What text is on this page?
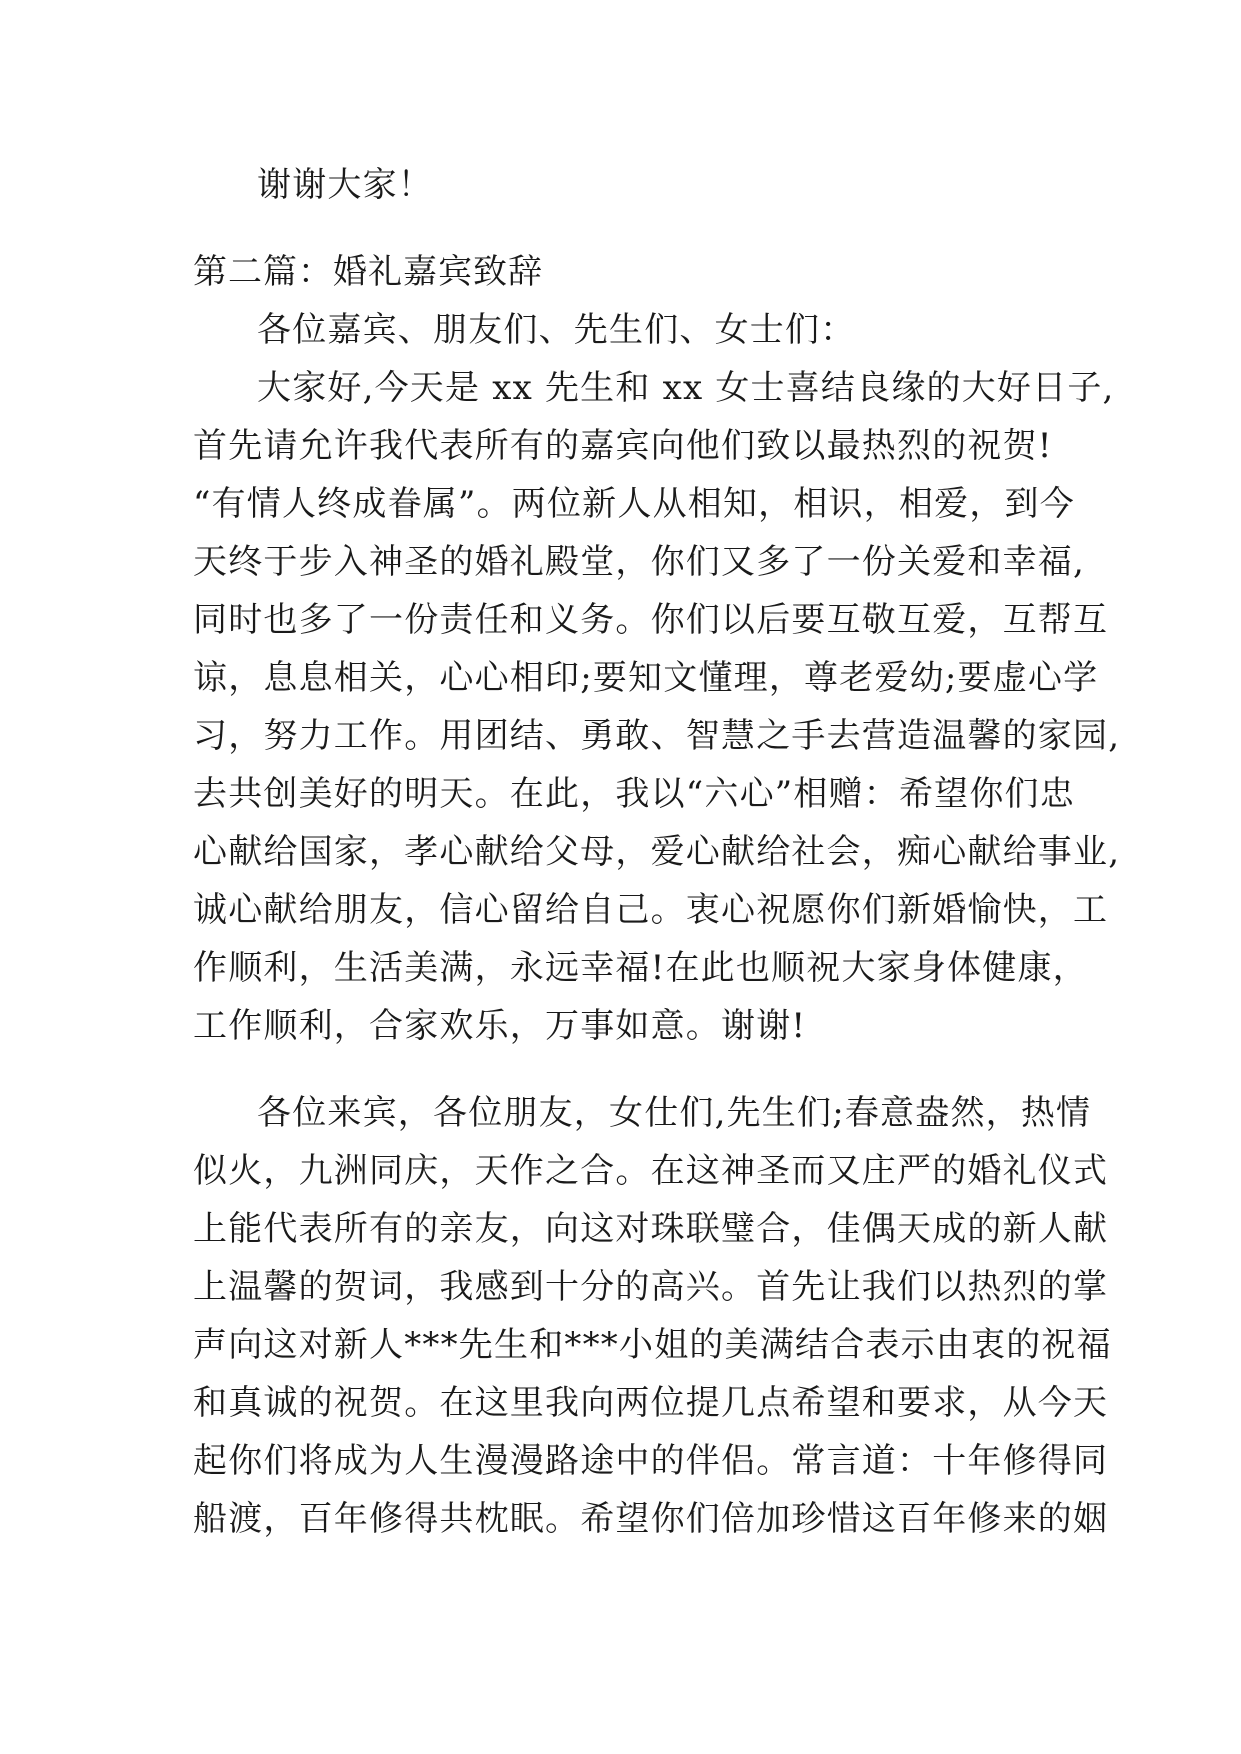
谢谢大家！
第二篇：婚礼嘉宾致辞
各位嘉宾、朋友们、先生们、女士们：
大家好,今天是 xx 先生和 xx 女士喜结良缘的大好日子,
首先请允许我代表所有的嘉宾向他们致以最热烈的祝贺!
“有情人终成眷属”。两位新人从相知，相识，相爱，到今
天终于步入神圣的婚礼殿堂，你们又多了一份关爱和幸福,
同时也多了一份责任和义务。你们以后要互敬互爱，互帮互
谅，息息相关，心心相印;要知文懂理，尊老爱幼;要虚心学
习，努力工作。用团结、勇敢、智慧之手去营造温馨的家园,
去共创美好的明天。在此，我以“六心”相赠：希望你们忠
心献给国家，孝心献给父母，爱心献给社会，痴心献给事业,
诚心献给朋友，信心留给自己。衷心祝愿你们新婚愉快，工
作顺利，生活美满，永远幸福!在此也顺祝大家身体健康，
工作顺利，合家欢乐，万事如意。谢谢!
各位来宾，各位朋友，女仕们,先生们;春意盎然，热情
似火，九洲同庆，天作之合。在这神圣而又庄严的婚礼仪式
上能代表所有的亲友，向这对珠联璧合，佳偶天成的新人献
上温馨的贺词，我感到十分的高兴。首先让我们以热烈的掌
声向这对新人***先生和***小姐的美满结合表示由衷的祝福
和真诚的祝贺。在这里我向两位提几点希望和要求，从今天
起你们将成为人生漫漫路途中的伴侣。常言道：十年修得同
船渡，百年修得共枕眠。希望你们倍加珍惜这百年修来的姻
